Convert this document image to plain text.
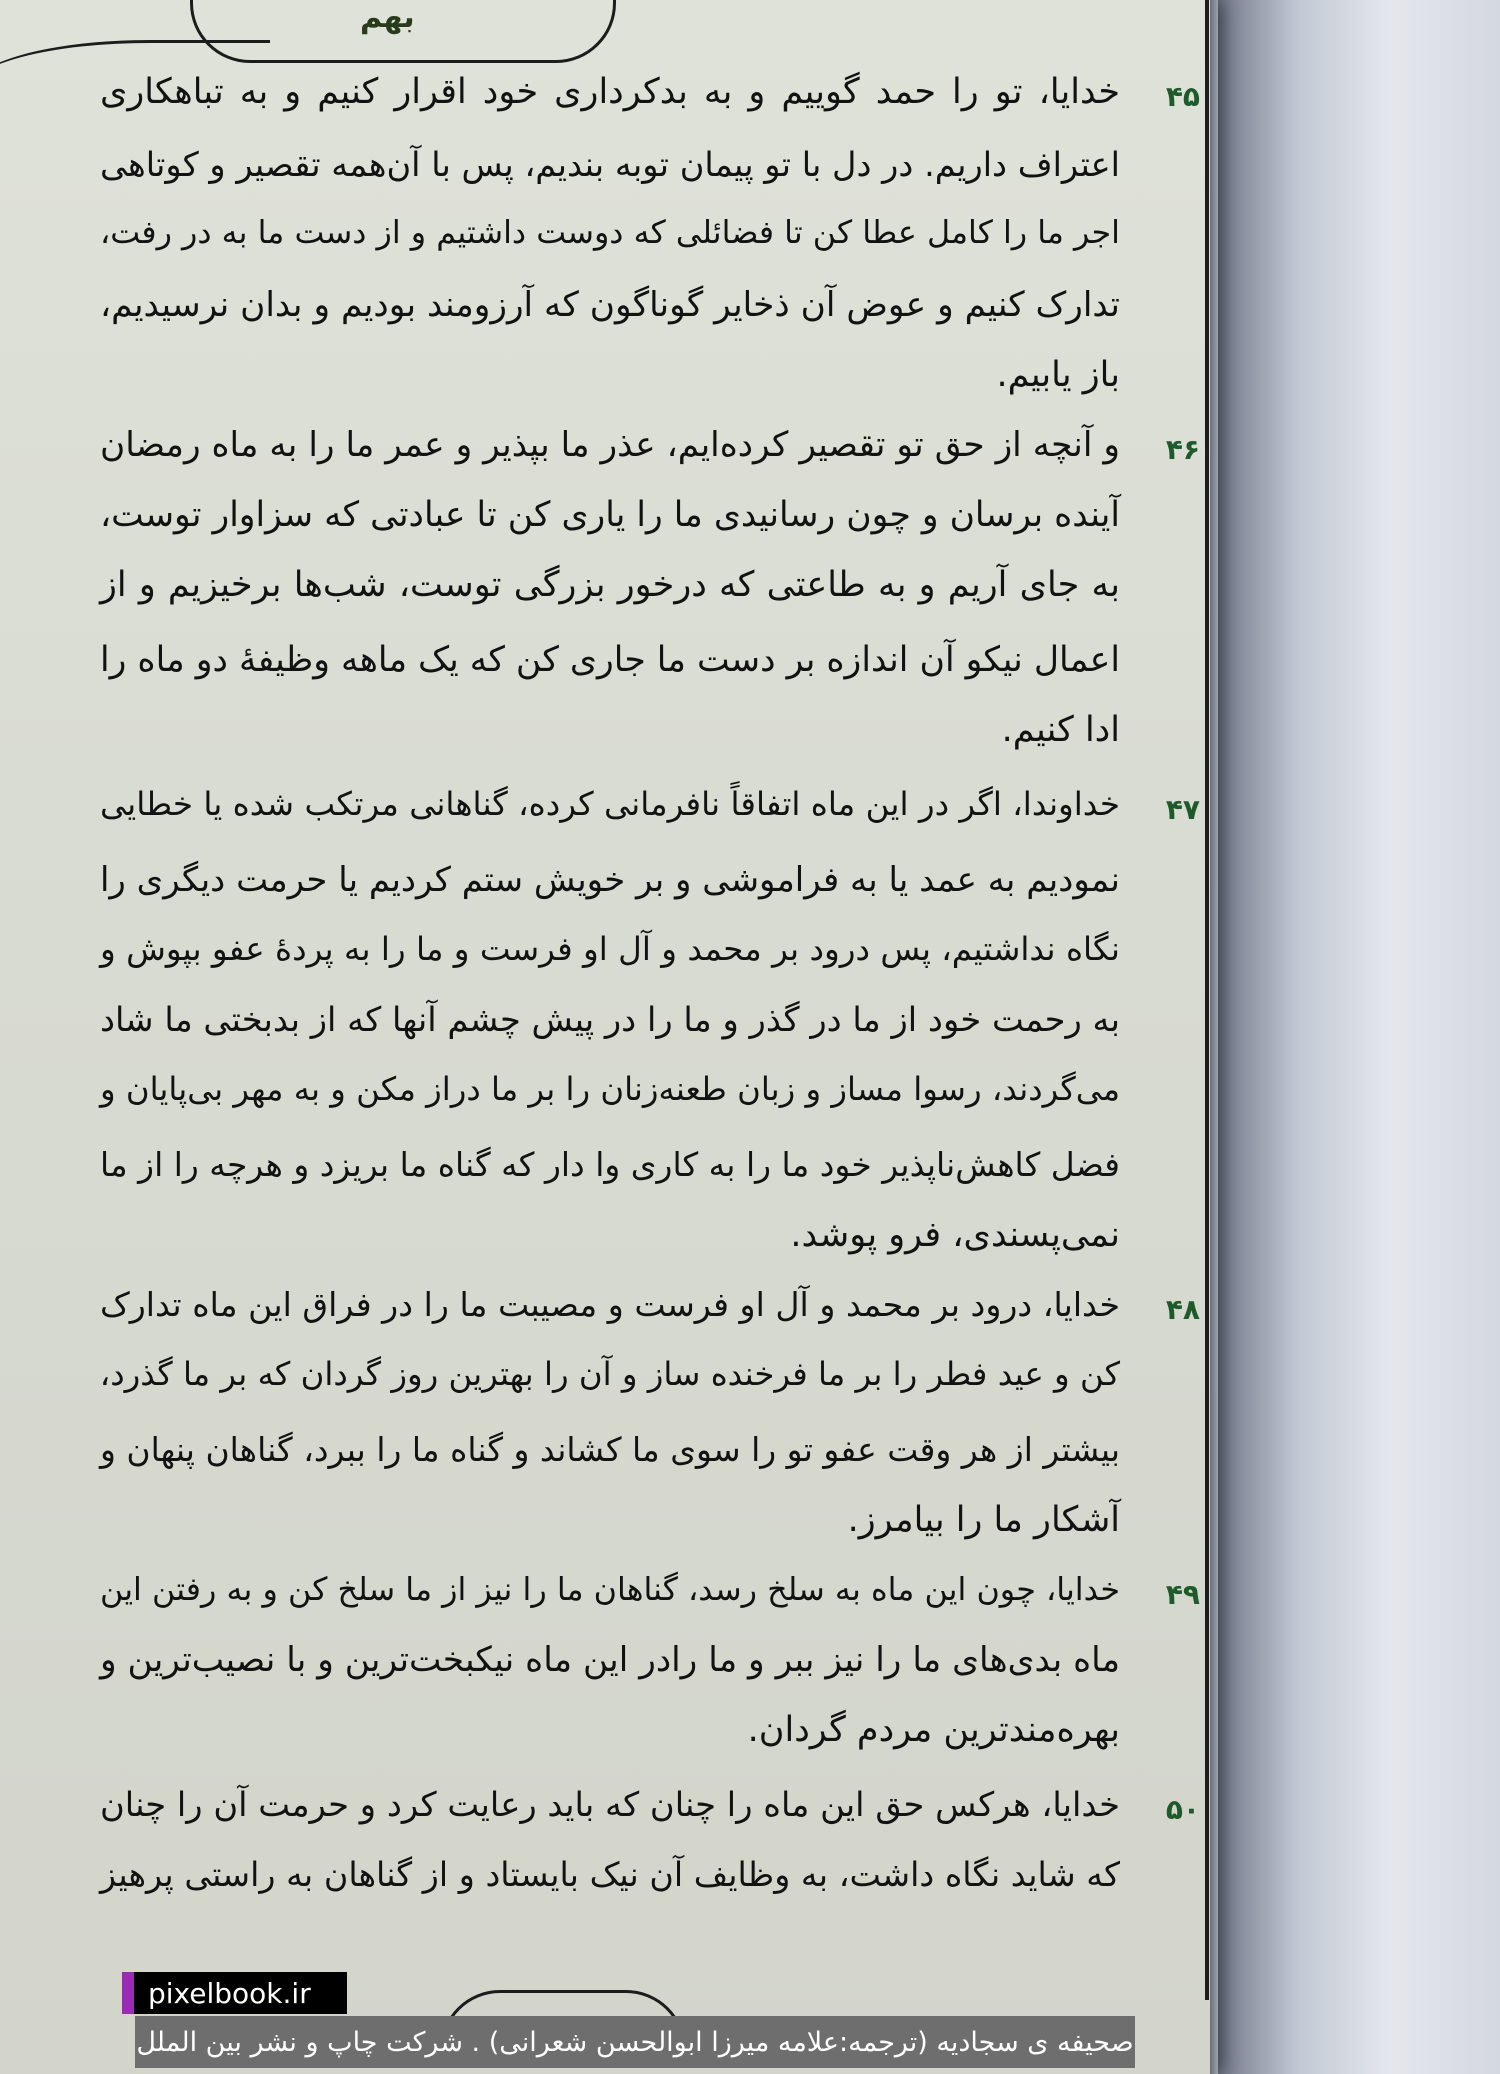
بهم
۴۵
خدایا، تو را حمد گوییم و به بدکرداری خود اقرار کنیم و به تباهکاری
اعتراف داریم. در دل با تو پیمان توبه بندیم، پس با آن‌همه تقصیر و کوتاهی
اجر ما را کامل عطا کن تا فضائلی که دوست داشتیم و از دست ما به در رفت،
تدارک کنیم و عوض آن ذخایر گوناگون که آرزومند بودیم و بدان نرسیدیم،
باز یابیم.
۴۶
و آنچه از حق تو تقصیر کرده‌ایم، عذر ما بپذیر و عمر ما را به ماه رمضان
آینده برسان و چون رسانیدی ما را یاری کن تا عبادتی که سزاوار توست،
به جای آریم و به طاعتی که درخور بزرگی توست، شب‌ها برخیزیم و از
اعمال نیکو آن اندازه بر دست ما جاری کن که یک ماهه وظیفهٔ دو ماه را
ادا کنیم.
۴۷
خداوندا، اگر در این ماه اتفاقاً نافرمانی کرده، گناهانی مرتکب شده یا خطایی
نمودیم به عمد یا به فراموشی و بر خویش ستم کردیم یا حرمت دیگری را
نگاه نداشتیم، پس درود بر محمد و آل او فرست و ما را به پردهٔ عفو بپوش و
به رحمت خود از ما در گذر و ما را در پیش چشم آنها که از بدبختی ما شاد
می‌گردند، رسوا مساز و زبان طعنه‌زنان را بر ما دراز مکن و به مهر بی‌پایان و
فضل کاهش‌ناپذیر خود ما را به کاری وا دار که گناه ما بریزد و هرچه را از ما
نمی‌پسندی، فرو پوشد.
۴۸
خدایا، درود بر محمد و آل او فرست و مصیبت ما را در فراق این ماه تدارک
کن و عید فطر را بر ما فرخنده ساز و آن را بهترین روز گردان که بر ما گذرد،
بیشتر از هر وقت عفو تو را سوی ما کشاند و گناه ما را ببرد، گناهان پنهان و
آشکار ما را بیامرز.
۴۹
خدایا، چون این ماه به سلخ رسد، گناهان ما را نیز از ما سلخ کن و به رفتن این
ماه بدی‌های ما را نیز ببر و ما رادر این ماه نیکبخت‌ترین و با نصیب‌ترین و
بهره‌مندترین مردم گردان.
۵۰
خدایا، هرکس حق این ماه را چنان که باید رعایت کرد و حرمت آن را چنان
که شاید نگاه داشت، به وظایف آن نیک بایستاد و از گناهان به راستی پرهیز
pixelbook.ir
صحیفه ی سجادیه (ترجمه:علامه میرزا ابوالحسن شعرانی) . شرکت چاپ و نشر بین الملل
